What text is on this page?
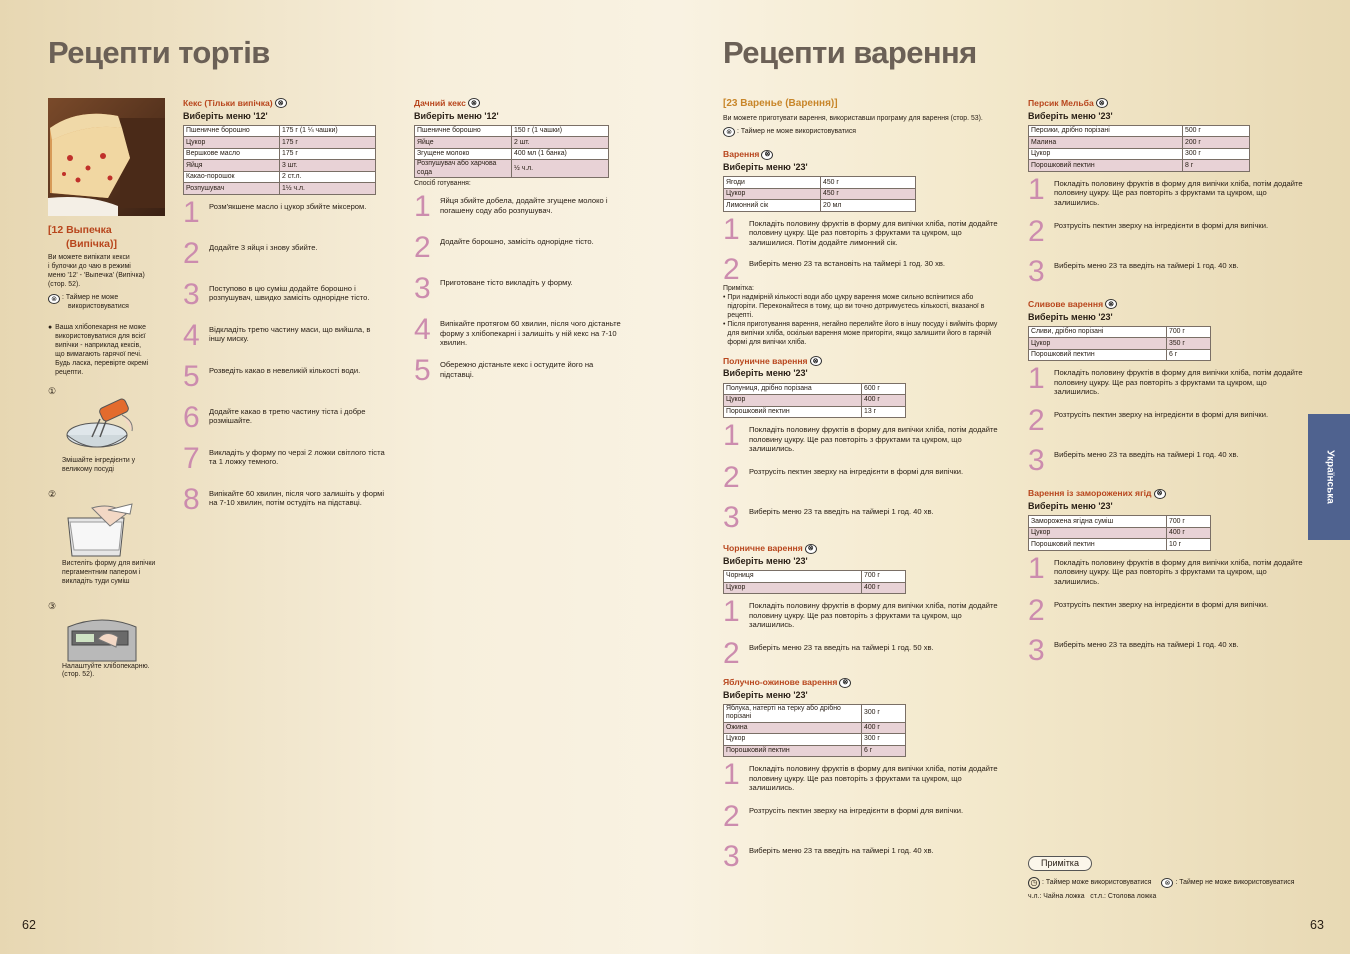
Рецепти тортів
[12 Выпечка
(Випічка)]
Ви можете випікати кекси
і булочки до чаю в режимі
меню '12' - 'Выпечка' (Випічка)
(стор. 52).
⊗ : Таймер не може
використовуватися
● Ваша хлібопекарня не може
використовуватися для всієї
випічки - наприклад кексів,
що вимагають гарячої печі.
Будь ласка, перевірте окремі
рецепти.
①
Змішайте інгредієнти у
великому посуді
②
Вистеліть форму для випічки
пергаментним папером і
викладіть туди суміш
③
Налаштуйте хлібопекарню.
(стор. 52).
Кекс (Тільки випічка) ⊗
Виберіть меню '12'
Пшеничне борошно	175 г (1 ¼ чашки)
Цукор	175 г
Вершкове масло	175 г
Яйця	3 шт.
Какао-порошок	2 ст.л.
Розпушувач	1½ ч.л.
1	Розм'якшене масло і цукор збийте міксером.
2	Додайте 3 яйця і знову збийте.
3	Поступово в цю суміш додайте борошно і розпушувач, швидко замісіть однорідне тісто.
4	Відкладіть третю частину маси, що вийшла, в іншу миску.
5	Розведіть какао в невеликій кількості води.
6	Додайте какао в третю частину тіста і добре розмішайте.
7	Викладіть у форму по черзі 2 ложки світлого тіста та 1 ложку темного.
8	Випікайте 60 хвилин, після чого залишіть у формі на 7-10 хвилин, потім остудіть на підставці.
Дачний кекс ⊗
Виберіть меню '12'
Пшеничне борошно	150 г (1 чашки)
Яйце	2 шт.
Згущене молоко	400 мл (1 банка)
Розпушувач або харчова сода	½ ч.л.
Спосіб готування:
1	Яйця збийте добела, додайте згущене молоко і погашену соду або розпушувач.
2	Додайте борошно, замісіть однорідне тісто.
3	Приготоване тісто викладіть у форму.
4	Випікайте протягом 60 хвилин, після чого дістаньте форму з хлібопекарні і залишіть у ній кекс на 7-10 хвилин.
5	Обережно дістаньте кекс і остудите його на підставці.
62
Рецепти варення
[23 Варенье (Варення)]
Ви можете приготувати варення, використавши програму для варення (стор. 53).
⊗ : Таймер не може використовуватися
Варення ⊗
Виберіть меню '23'
Ягоди	450 г
Цукор	450 г
Лимонний сік	20 мл
1	Покладіть половину фруктів в форму для випічки хліба, потім додайте половину цукру. Ще раз повторіть з фруктами та цукром, що залишилися. Потім додайте лимонний сік.
2	Виберіть меню 23 та встановіть на таймері 1 год. 30 хв.
Примітка:
• При надмірній кількості води або цукру варення може сильно вспінитися або підгоріти. Переконайтеся в тому, що ви точно дотримуєтесь кількості, вказаної в рецепті.
• Після приготування варення, негайно перелийте його в іншу посуду і вийміть форму для випічки хліба, оскільки варення може пригоріти, якщо залишити його в гарячій формі для випічки хліба.
Полуничне варення ⊗
Виберіть меню '23'
Полуниця, дрібно порізана	600 г
Цукор	400 г
Порошковий пектин	13 г
1	Покладіть половину фруктів в форму для випічки хліба, потім додайте половину цукру. Ще раз повторіть з фруктами та цукром, що залишились.
2	Розтрусіть пектин зверху на інгредієнти в формі для випічки.
3	Виберіть меню 23 та введіть на таймері 1 год. 40 хв.
Чорничне варення ⊗
Виберіть меню '23'
Чорниця	700 г
Цукор	400 г
1	Покладіть половину фруктів в форму для випічки хліба, потім додайте половину цукру. Ще раз повторіть з фруктами та цукром, що залишились.
2	Виберіть меню 23 та введіть на таймері 1 год. 50 хв.
Яблучно-ожинове варення ⊗
Виберіть меню '23'
Яблука, натерті на терку або дрібно порізані	300 г
Ожина	400 г
Цукор	300 г
Порошковий пектин	6 г
1	Покладіть половину фруктів в форму для випічки хліба, потім додайте половину цукру. Ще раз повторіть з фруктами та цукром, що залишились.
2	Розтрусіть пектин зверху на інгредієнти в формі для випічки.
3	Виберіть меню 23 та введіть на таймері 1 год. 40 хв.
Персик Мельба ⊗
Виберіть меню '23'
Персики, дрібно порізані	500 г
Малина	200 г
Цукор	300 г
Порошковий пектин	8 г
1	Покладіть половину фруктів в форму для випічки хліба, потім додайте половину цукру. Ще раз повторіть з фруктами та цукром, що залишились.
2	Розтрусіть пектин зверху на інгредієнти в формі для випічки.
3	Виберіть меню 23 та введіть на таймері 1 год. 40 хв.
Сливове варення ⊗
Виберіть меню '23'
Сливи, дрібно порізані	700 г
Цукор	350 г
Порошковий пектин	6 г
1	Покладіть половину фруктів в форму для випічки хліба, потім додайте половину цукру. Ще раз повторіть з фруктами та цукром, що залишились.
2	Розтрусіть пектин зверху на інгредієнти в формі для випічки.
3	Виберіть меню 23 та введіть на таймері 1 год. 40 хв.
Варення із заморожених ягід ⊗
Виберіть меню '23'
Заморожена ягідна суміш	700 г
Цукор	400 г
Порошковий пектин	10 г
1	Покладіть половину фруктів в форму для випічки хліба, потім додайте половину цукру. Ще раз повторіть з фруктами та цукром, що залишились.
2	Розтрусіть пектин зверху на інгредієнти в формі для випічки.
3	Виберіть меню 23 та введіть на таймері 1 год. 40 хв.
Примітка
◷ : Таймер може використовуватися	⊗ : Таймер не може використовуватися
ч.л.: Чайна ложка   ст.л.: Столова ложка
Українська
63
